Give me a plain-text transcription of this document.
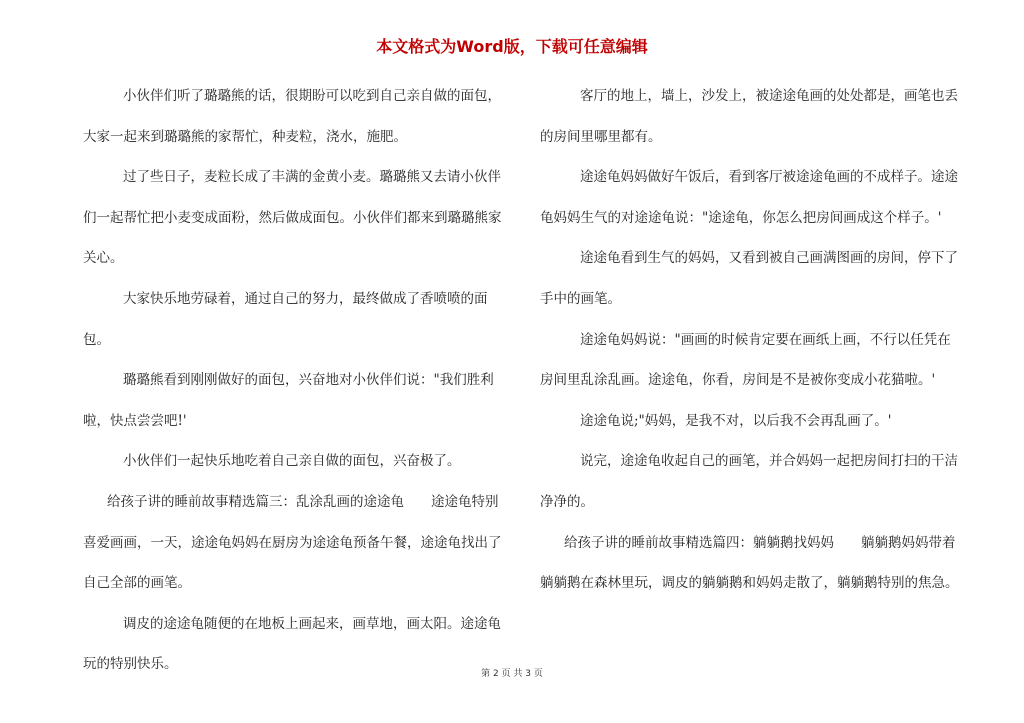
本文格式为Word版，下载可任意编辑

小伙伴们听了璐璐熊的话，很期盼可以吃到自己亲自做的面包，大家一起来到璐璐熊的家帮忙，种麦粒，浇水，施肥。

过了些日子，麦粒长成了丰满的金黄小麦。璐璐熊又去请小伙伴们一起帮忙把小麦变成面粉，然后做成面包。小伙伴们都来到璐璐熊家关心。

大家快乐地劳碌着，通过自己的努力，最终做成了香喷喷的面包。

璐璐熊看到刚刚做好的面包，兴奋地对小伙伴们说："我们胜利啦，快点尝尝吧!'

小伙伴们一起快乐地吃着自己亲自做的面包，兴奋极了。

给孩子讲的睡前故事精选篇三：乱涂乱画的途途龟　　途途龟特别喜爱画画，一天，途途龟妈妈在厨房为途途龟预备午餐，途途龟找出了自己全部的画笔。

调皮的途途龟随便的在地板上画起来，画草地，画太阳。途途龟玩的特别快乐。

客厅的地上，墙上，沙发上，被途途龟画的处处都是，画笔也丢的房间里哪里都有。

途途龟妈妈做好午饭后，看到客厅被途途龟画的不成样子。途途龟妈妈生气的对途途龟说："途途龟，你怎么把房间画成这个样子。'

途途龟看到生气的妈妈，又看到被自己画满图画的房间，停下了手中的画笔。

途途龟妈妈说："画画的时候肯定要在画纸上画，不行以任凭在房间里乱涂乱画。途途龟，你看，房间是不是被你变成小花猫啦。'

途途龟说;"妈妈，是我不对，以后我不会再乱画了。'

说完，途途龟收起自己的画笔，并合妈妈一起把房间打扫的干洁净净的。

给孩子讲的睡前故事精选篇四：躺躺鹅找妈妈　　躺躺鹅妈妈带着躺躺鹅在森林里玩，调皮的躺躺鹅和妈妈走散了，躺躺鹅特别的焦急。

第 2 页 共 3 页
